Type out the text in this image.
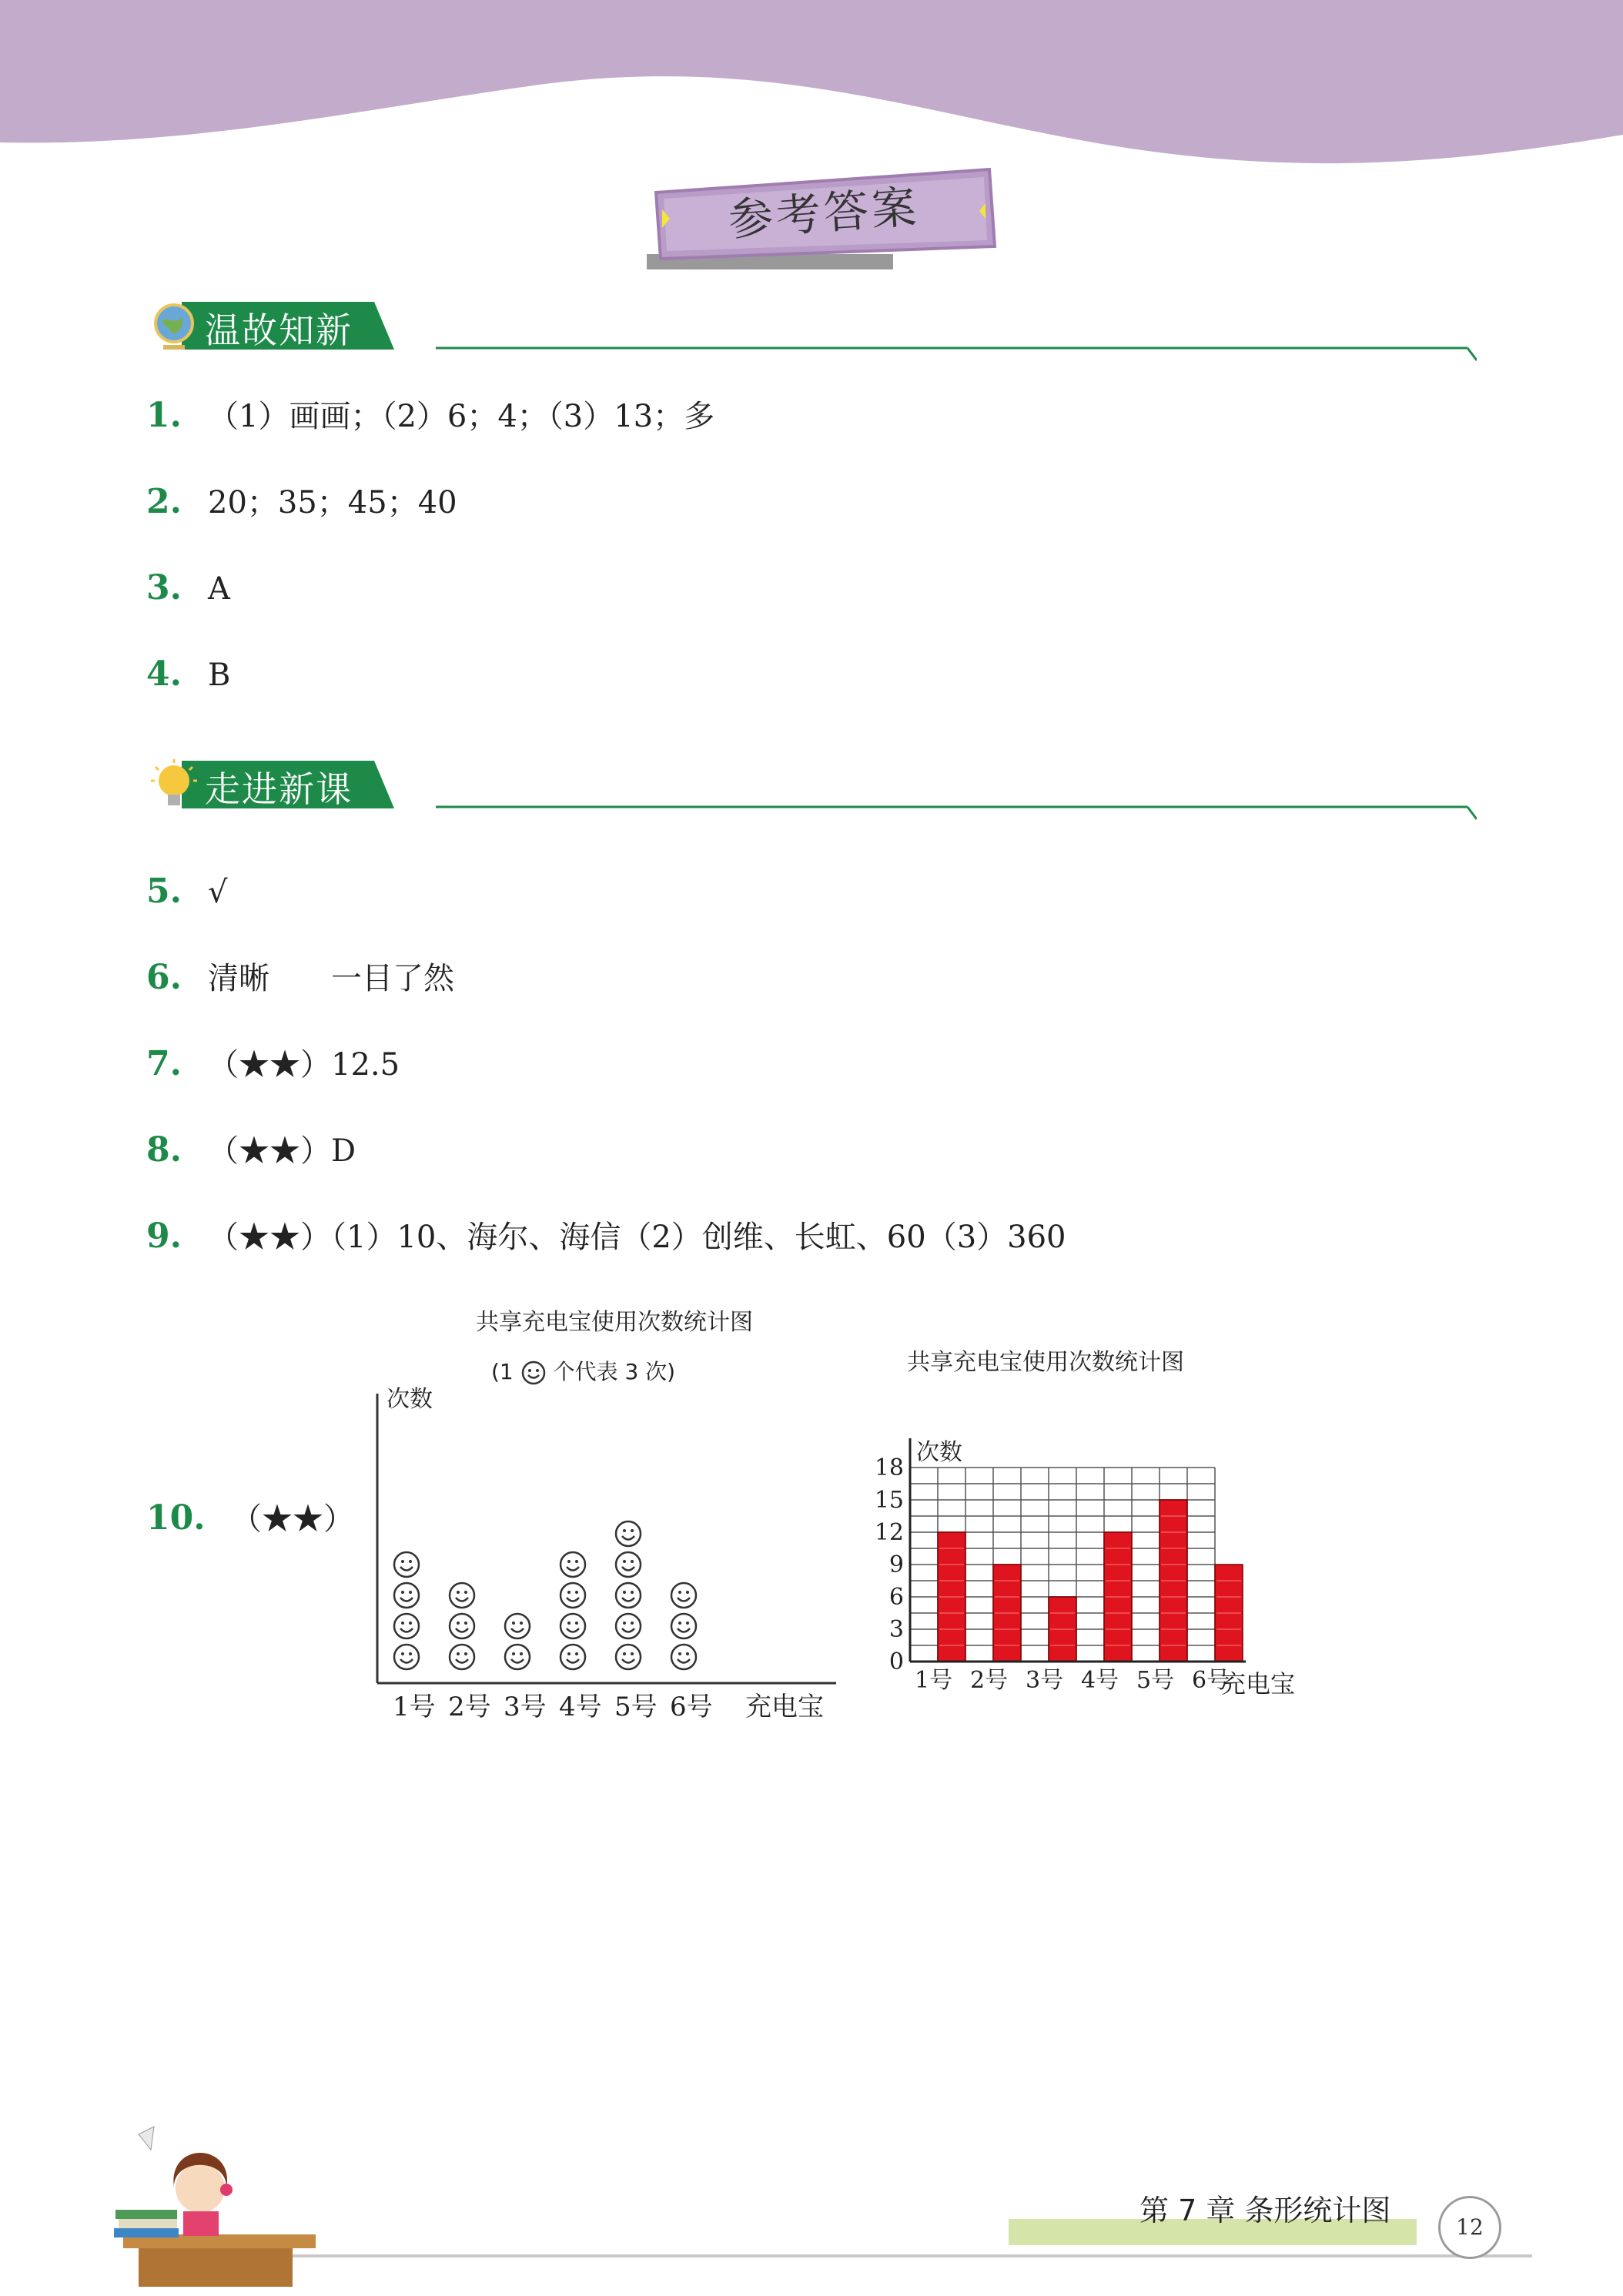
参考答案
温故知新
1. （1）画画；（2）6；4；（3）13；多
2. 20；35；45；40
3. A
4. B
走进新课
5. √
6. 清晰　　一目了然
7. （★★）12.5
8. （★★）D
9. （★★）（1）10、海尔、海信（2）创维、长虹、60（3）360
10. （★★）
共享充电宝使用次数统计图
(1 个代表 3 次)
次数
1号 2号 3号 4号 5号 6号 充电宝
共享充电宝使用次数统计图
0
3
6
9
12
15
18
次数
1号 2号 3号 4号 5号 6号
充电宝
第 7 章 条形统计图	12
